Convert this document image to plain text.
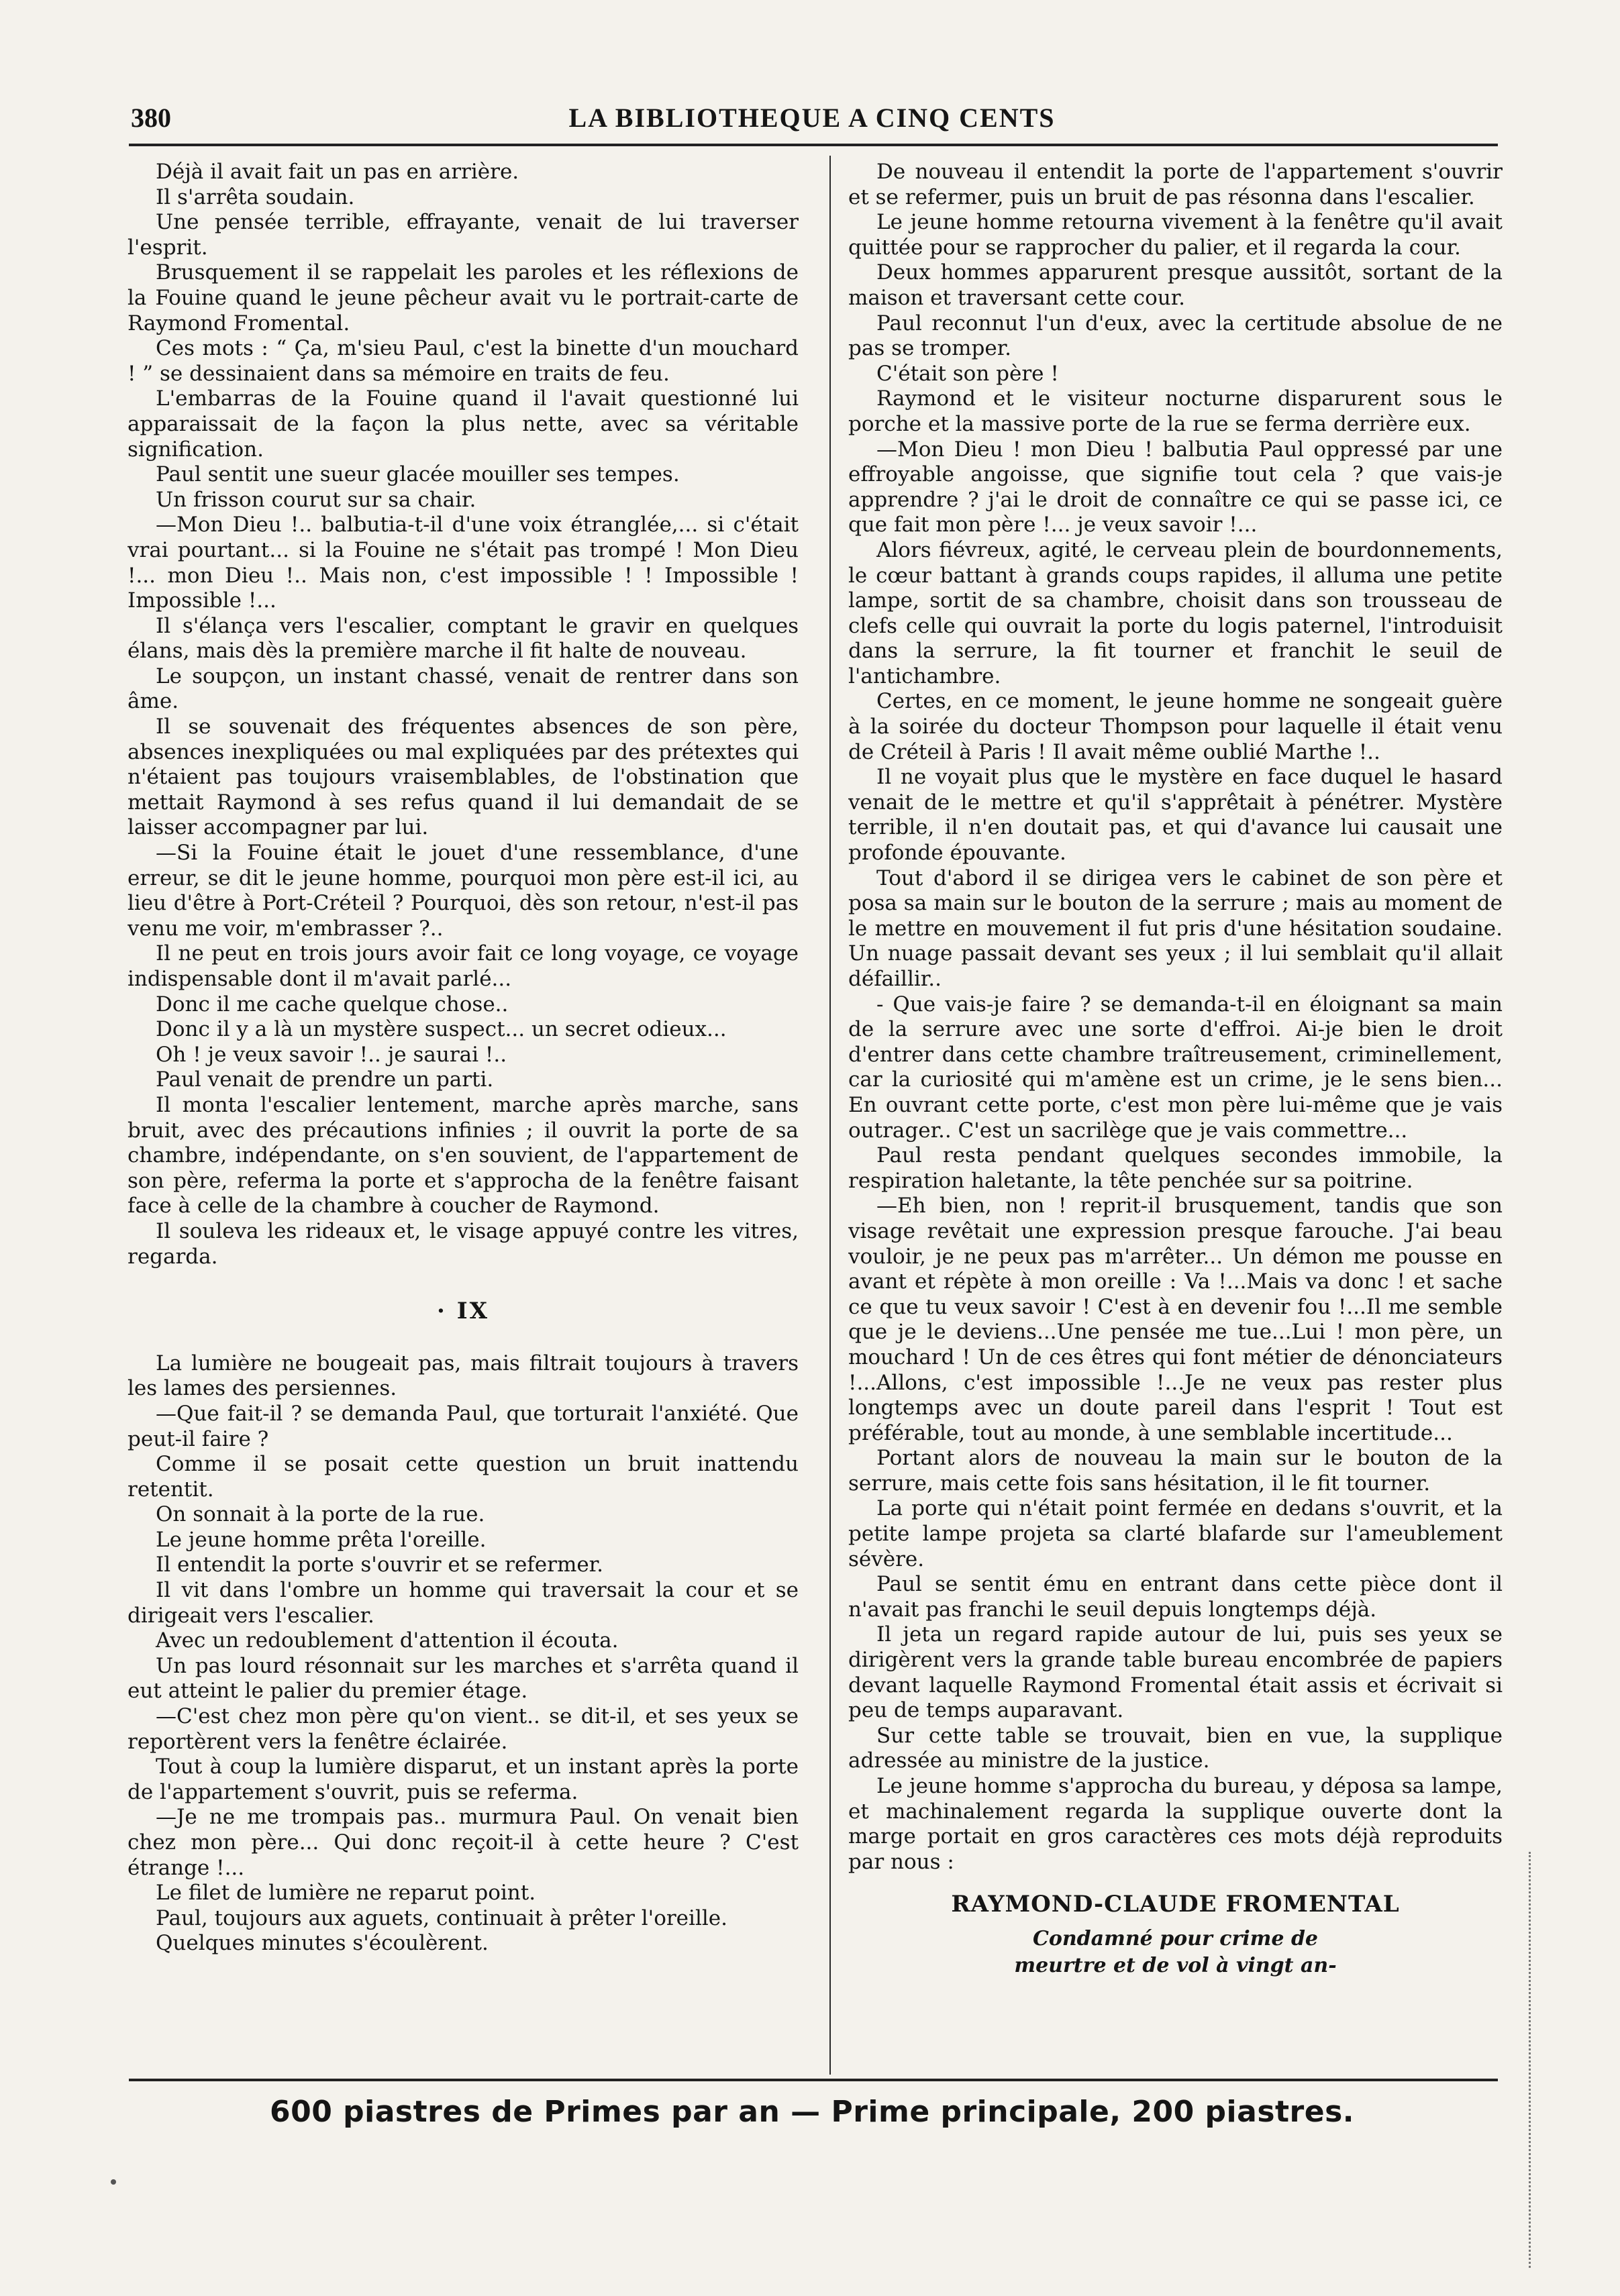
380	LA BIBLIOTHEQUE A CINQ CENTS

Déjà il avait fait un pas en arrière.

Il s'arrêta soudain.

Une pensée terrible, effrayante, venait de lui traverser l'esprit.

Brusquement il se rappelait les paroles et les réflexions de la Fouine quand le jeune pêcheur avait vu le portrait-carte de Raymond Fromental.

Ces mots : “ Ça, m'sieu Paul, c'est la binette d'un mouchard ! ” se dessinaient dans sa mémoire en traits de feu.

L'embarras de la Fouine quand il l'avait questionné lui apparaissait de la façon la plus nette, avec sa véritable signification.

Paul sentit une sueur glacée mouiller ses tempes.

Un frisson courut sur sa chair.

—Mon Dieu !.. balbutia-t-il d'une voix étranglée,... si c'était vrai pourtant... si la Fouine ne s'était pas trompé ! Mon Dieu !... mon Dieu !.. Mais non, c'est impossible ! ! Impossible ! Impossible !...

Il s'élança vers l'escalier, comptant le gravir en quelques élans, mais dès la première marche il fit halte de nouveau.

Le soupçon, un instant chassé, venait de rentrer dans son âme.

Il se souvenait des fréquentes absences de son père, absences inexpliquées ou mal expliquées par des prétextes qui n'étaient pas toujours vraisemblables, de l'obstination que mettait Raymond à ses refus quand il lui demandait de se laisser accompagner par lui.

—Si la Fouine était le jouet d'une ressemblance, d'une erreur, se dit le jeune homme, pourquoi mon père est-il ici, au lieu d'être à Port-Créteil ? Pourquoi, dès son retour, n'est-il pas venu me voir, m'embrasser ?..

Il ne peut en trois jours avoir fait ce long voyage, ce voyage indispensable dont il m'avait parlé...

Donc il me cache quelque chose..

Donc il y a là un mystère suspect... un secret odieux...

Oh ! je veux savoir !.. je saurai !..

Paul venait de prendre un parti.

Il monta l'escalier lentement, marche après marche, sans bruit, avec des précautions infinies ; il ouvrit la porte de sa chambre, indépendante, on s'en souvient, de l'appartement de son père, referma la porte et s'approcha de la fenêtre faisant face à celle de la chambre à coucher de Raymond.

Il souleva les rideaux et, le visage appuyé contre les vitres, regarda.

· IX

La lumière ne bougeait pas, mais filtrait toujours à travers les lames des persiennes.

—Que fait-il ? se demanda Paul, que torturait l'anxiété. Que peut-il faire ?

Comme il se posait cette question un bruit inattendu retentit.

On sonnait à la porte de la rue.

Le jeune homme prêta l'oreille.

Il entendit la porte s'ouvrir et se refermer.

Il vit dans l'ombre un homme qui traversait la cour et se dirigeait vers l'escalier.

Avec un redoublement d'attention il écouta.

Un pas lourd résonnait sur les marches et s'arrêta quand il eut atteint le palier du premier étage.

—C'est chez mon père qu'on vient.. se dit-il, et ses yeux se reportèrent vers la fenêtre éclairée.

Tout à coup la lumière disparut, et un instant après la porte de l'appartement s'ouvrit, puis se referma.

—Je ne me trompais pas.. murmura Paul. On venait bien chez mon père... Qui donc reçoit-il à cette heure ? C'est étrange !...

Le filet de lumière ne reparut point.

Paul, toujours aux aguets, continuait à prêter l'oreille.

Quelques minutes s'écoulèrent.

De nouveau il entendit la porte de l'appartement s'ouvrir et se refermer, puis un bruit de pas résonna dans l'escalier.

Le jeune homme retourna vivement à la fenêtre qu'il avait quittée pour se rapprocher du palier, et il regarda la cour.

Deux hommes apparurent presque aussitôt, sortant de la maison et traversant cette cour.

Paul reconnut l'un d'eux, avec la certitude absolue de ne pas se tromper.

C'était son père !

Raymond et le visiteur nocturne disparurent sous le porche et la massive porte de la rue se ferma derrière eux.

—Mon Dieu ! mon Dieu ! balbutia Paul oppressé par une effroyable angoisse, que signifie tout cela ? que vais-je apprendre ? j'ai le droit de connaître ce qui se passe ici, ce que fait mon père !... je veux savoir !...

Alors fiévreux, agité, le cerveau plein de bourdonnements, le cœur battant à grands coups rapides, il alluma une petite lampe, sortit de sa chambre, choisit dans son trousseau de clefs celle qui ouvrait la porte du logis paternel, l'introduisit dans la serrure, la fit tourner et franchit le seuil de l'antichambre.

Certes, en ce moment, le jeune homme ne songeait guère à la soirée du docteur Thompson pour laquelle il était venu de Créteil à Paris ! Il avait même oublié Marthe !..

Il ne voyait plus que le mystère en face duquel le hasard venait de le mettre et qu'il s'apprêtait à pénétrer. Mystère terrible, il n'en doutait pas, et qui d'avance lui causait une profonde épouvante.

Tout d'abord il se dirigea vers le cabinet de son père et posa sa main sur le bouton de la serrure ; mais au moment de le mettre en mouvement il fut pris d'une hésitation soudaine. Un nuage passait devant ses yeux ; il lui semblait qu'il allait défaillir..

- Que vais-je faire ? se demanda-t-il en éloignant sa main de la serrure avec une sorte d'effroi. Ai-je bien le droit d'entrer dans cette chambre traîtreusement, criminellement, car la curiosité qui m'amène est un crime, je le sens bien... En ouvrant cette porte, c'est mon père lui-même que je vais outrager.. C'est un sacrilège que je vais commettre...

Paul resta pendant quelques secondes immobile, la respiration haletante, la tête penchée sur sa poitrine.

—Eh bien, non ! reprit-il brusquement, tandis que son visage revêtait une expression presque farouche. J'ai beau vouloir, je ne peux pas m'arrêter... Un démon me pousse en avant et répète à mon oreille : Va !...Mais va donc ! et sache ce que tu veux savoir ! C'est à en devenir fou !...Il me semble que je le deviens...Une pensée me tue...Lui ! mon père, un mouchard ! Un de ces êtres qui font métier de dénonciateurs !...Allons, c'est impossible !...Je ne veux pas rester plus longtemps avec un doute pareil dans l'esprit ! Tout est préférable, tout au monde, à une semblable incertitude...

Portant alors de nouveau la main sur le bouton de la serrure, mais cette fois sans hésitation, il le fit tourner.

La porte qui n'était point fermée en dedans s'ouvrit, et la petite lampe projeta sa clarté blafarde sur l'ameublement sévère.

Paul se sentit ému en entrant dans cette pièce dont il n'avait pas franchi le seuil depuis longtemps déjà.

Il jeta un regard rapide autour de lui, puis ses yeux se dirigèrent vers la grande table bureau encombrée de papiers devant laquelle Raymond Fromental était assis et écrivait si peu de temps auparavant.

Sur cette table se trouvait, bien en vue, la supplique adressée au ministre de la justice.

Le jeune homme s'approcha du bureau, y déposa sa lampe, et machinalement regarda la supplique ouverte dont la marge portait en gros caractères ces mots déjà reproduits par nous :

RAYMOND-CLAUDE FROMENTAL
Condamné pour crime de
meurtre et de vol à vingt an-
600 piastres de Primes par an — Prime principale, 200 piastres.
